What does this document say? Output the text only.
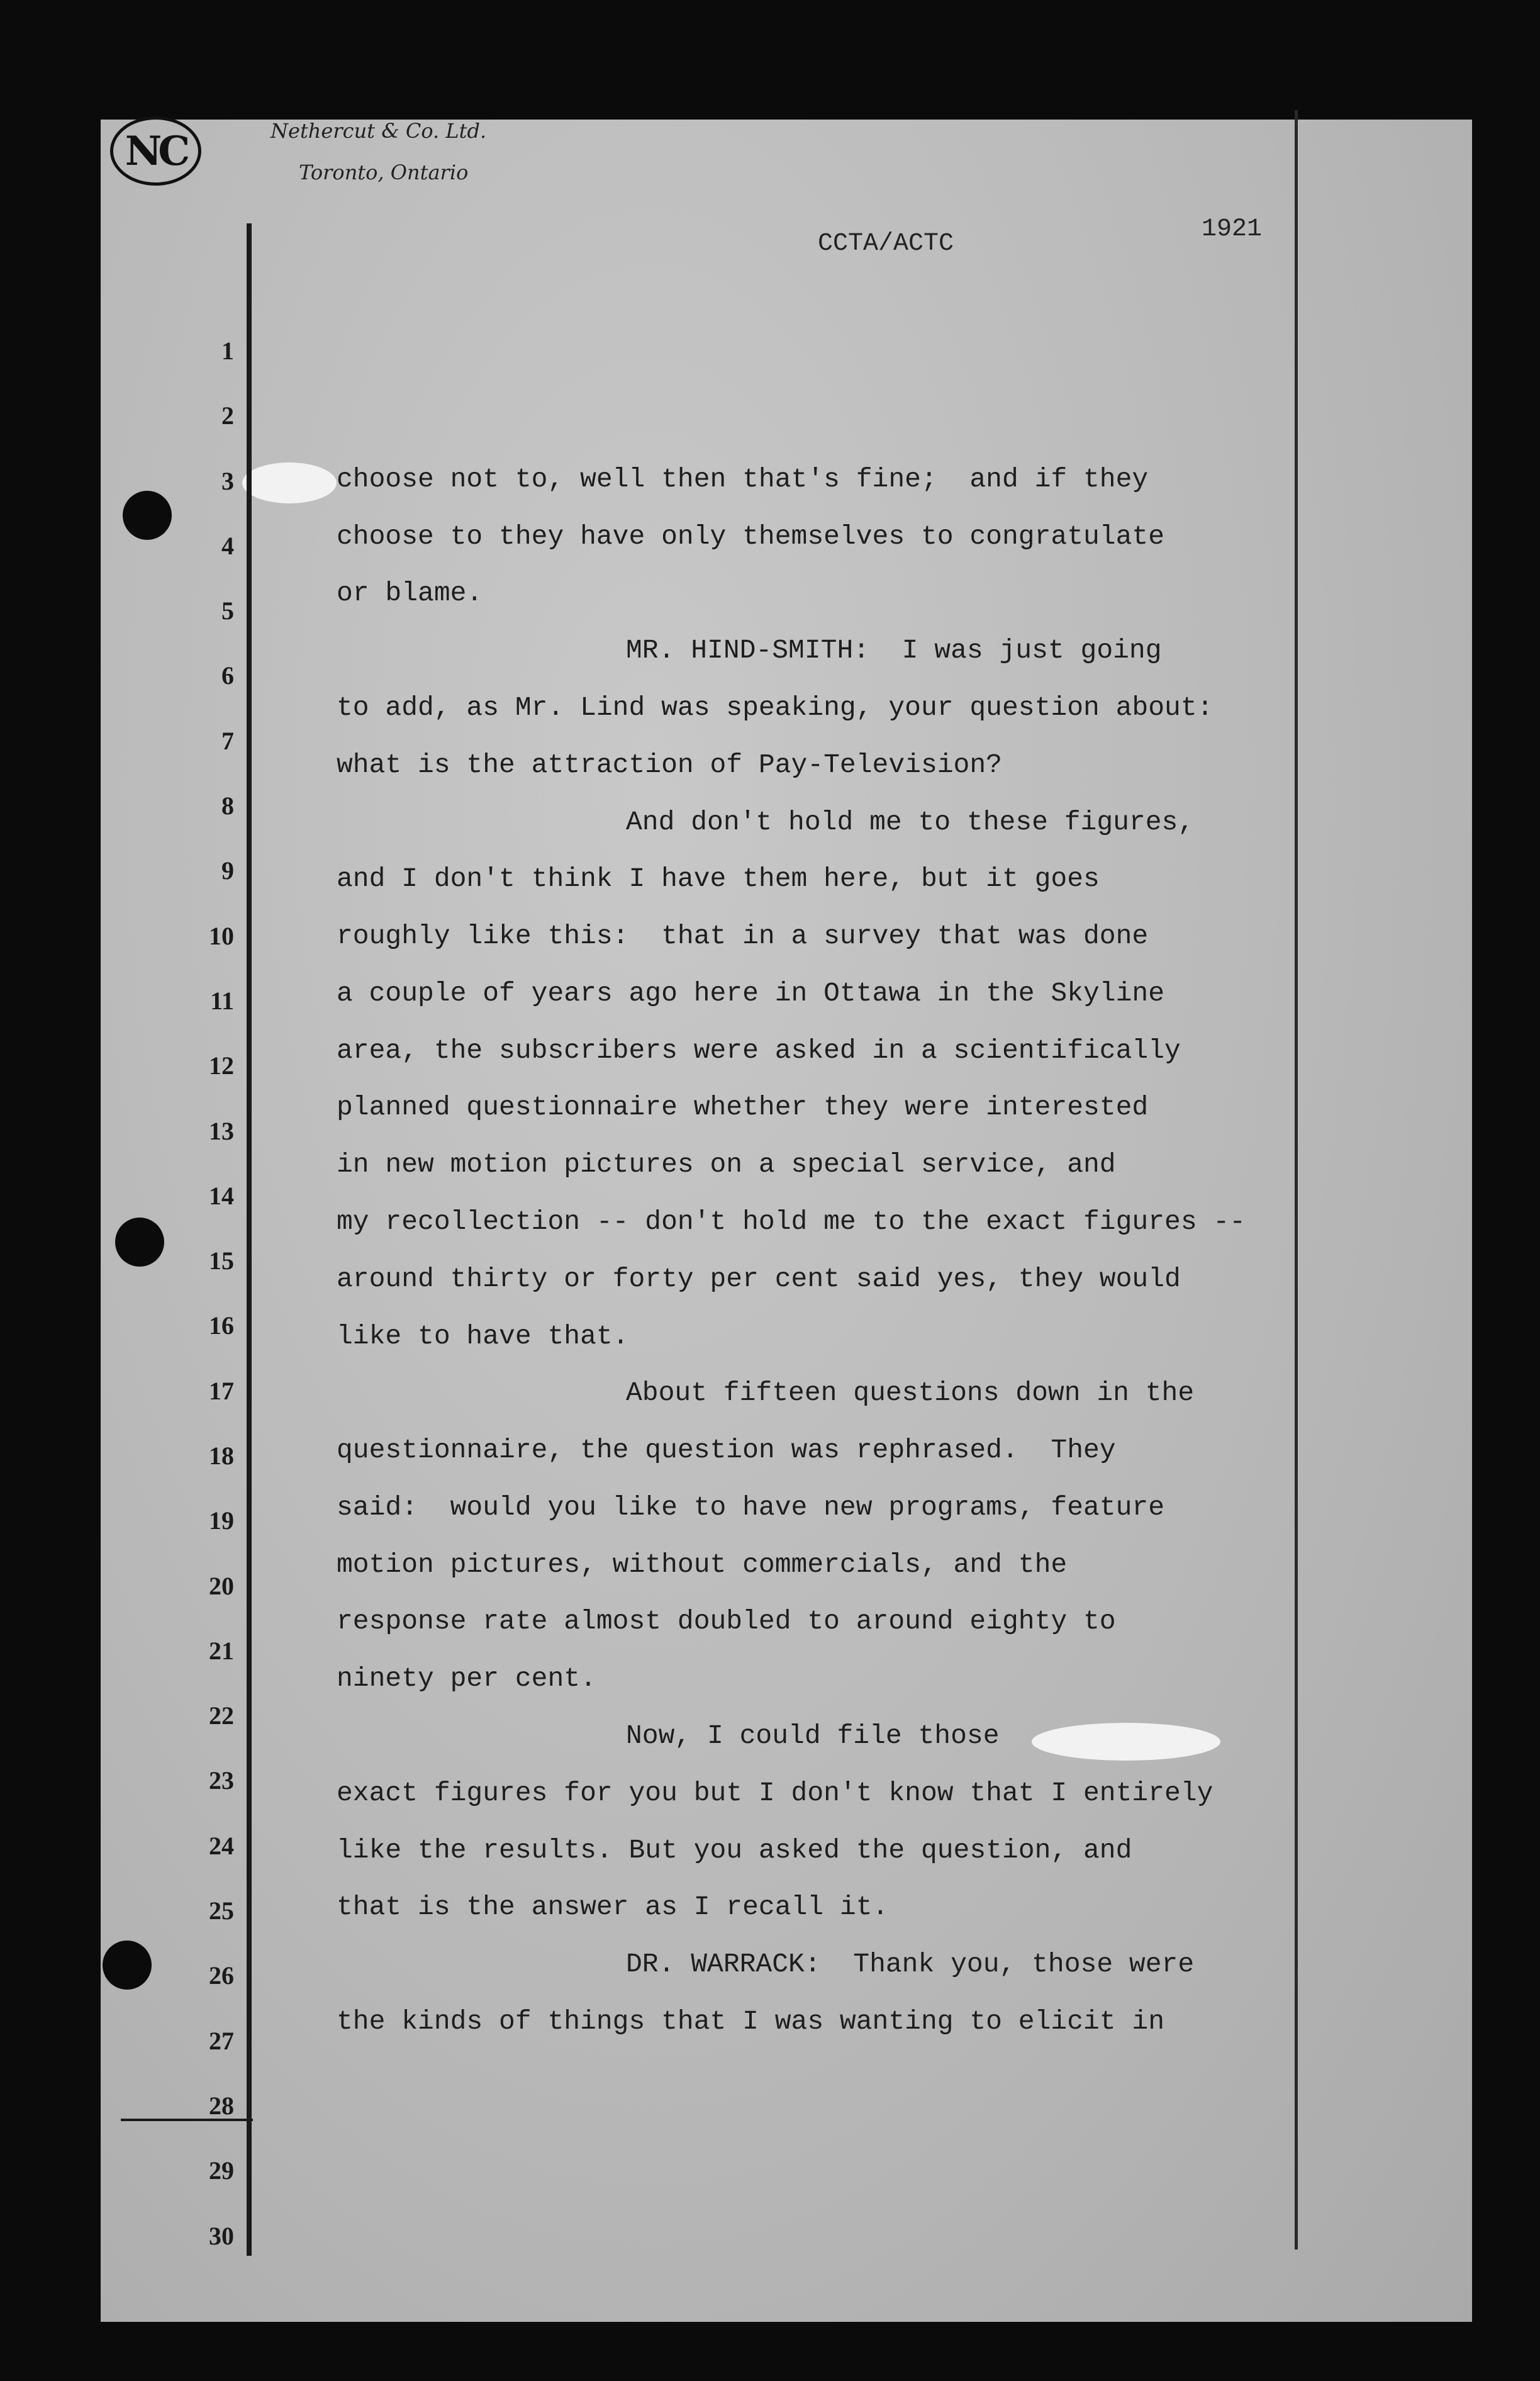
NC	Nethercut & Co. Ltd.
Toronto, Ontario
CCTA/ACTC
1921
1
2
3
4
5
6
7
8
9
10
11
12
13
14
15
16
17
18
19
20
21
22
23
24
25
26
27
28
29
30
choose not to, well then that's fine;  and if they
choose to they have only themselves to congratulate
or blame.
MR. HIND-SMITH:  I was just going
to add, as Mr. Lind was speaking, your question about:
what is the attraction of Pay-Television?
And don't hold me to these figures,
and I don't think I have them here, but it goes
roughly like this:  that in a survey that was done
a couple of years ago here in Ottawa in the Skyline
area, the subscribers were asked in a scientifically
planned questionnaire whether they were interested
in new motion pictures on a special service, and
my recollection -- don't hold me to the exact figures --
around thirty or forty per cent said yes, they would
like to have that.
About fifteen questions down in the
questionnaire, the question was rephrased.  They
said:  would you like to have new programs, feature
motion pictures, without commercials, and the
response rate almost doubled to around eighty to
ninety per cent.
Now, I could file those
exact figures for you but I don't know that I entirely
like the results. But you asked the question, and
that is the answer as I recall it.
DR. WARRACK:  Thank you, those were
the kinds of things that I was wanting to elicit in
